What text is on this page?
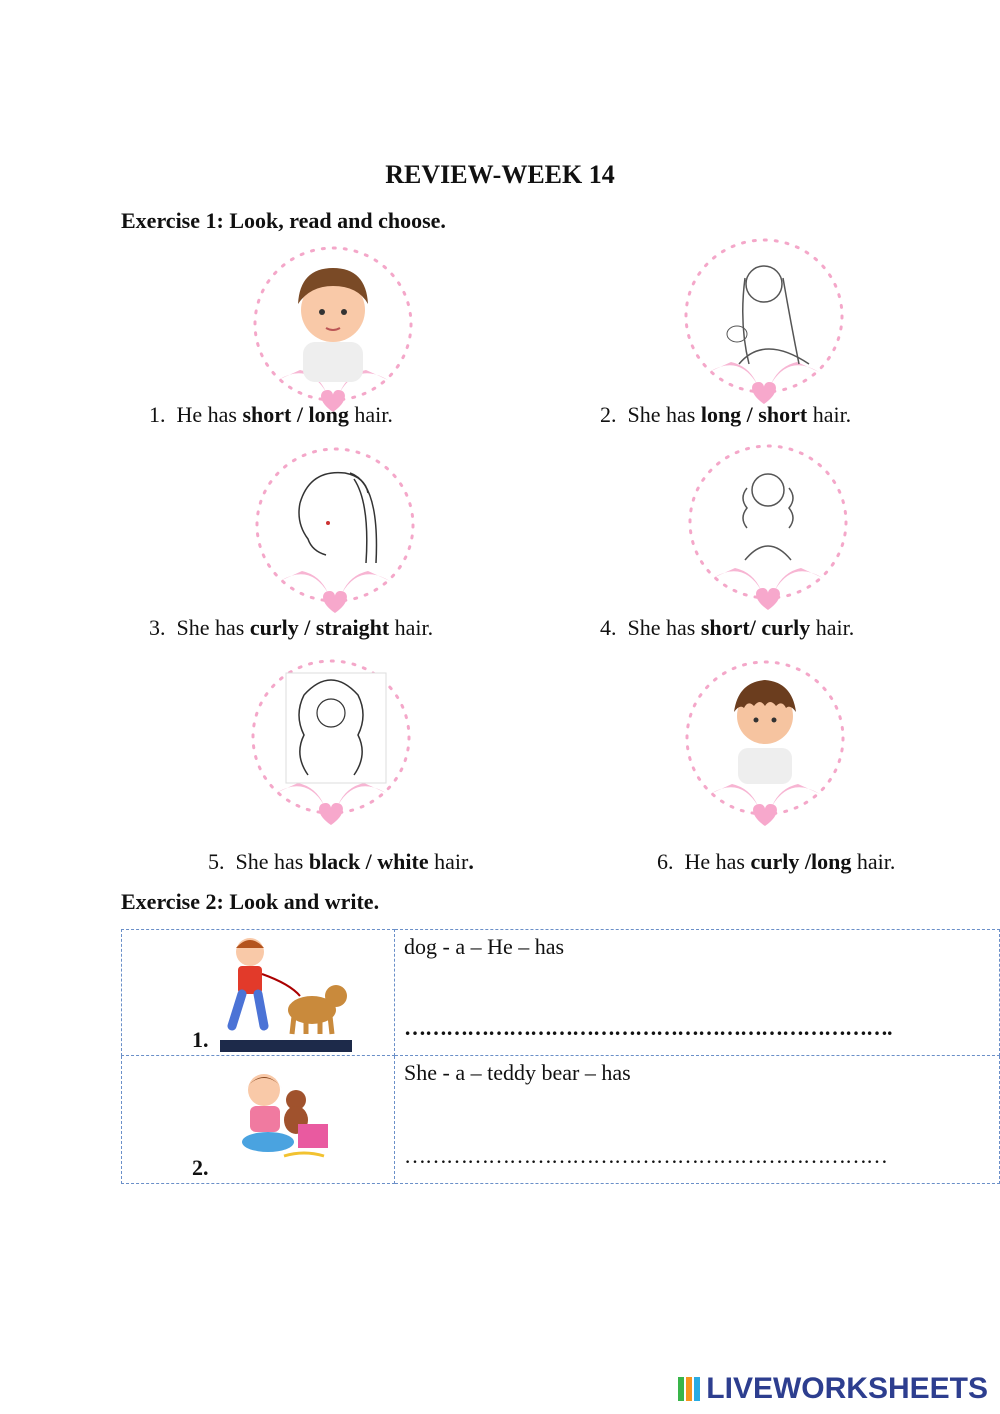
REVIEW-WEEK 14
Exercise 1: Look, read and choose.
1. He has short / long hair.	2. She has long / short hair.
3. She has curly / straight hair.	4. She has short/ curly hair.
5. She has black / white hair.	6. He has curly /long hair.
Exercise 2: Look and write.
1.	dog - a – He – has
…………………………………………………………….

2.	She - a – teddy bear – has
……………………………………………………………
LIVEWORKSHEETS
